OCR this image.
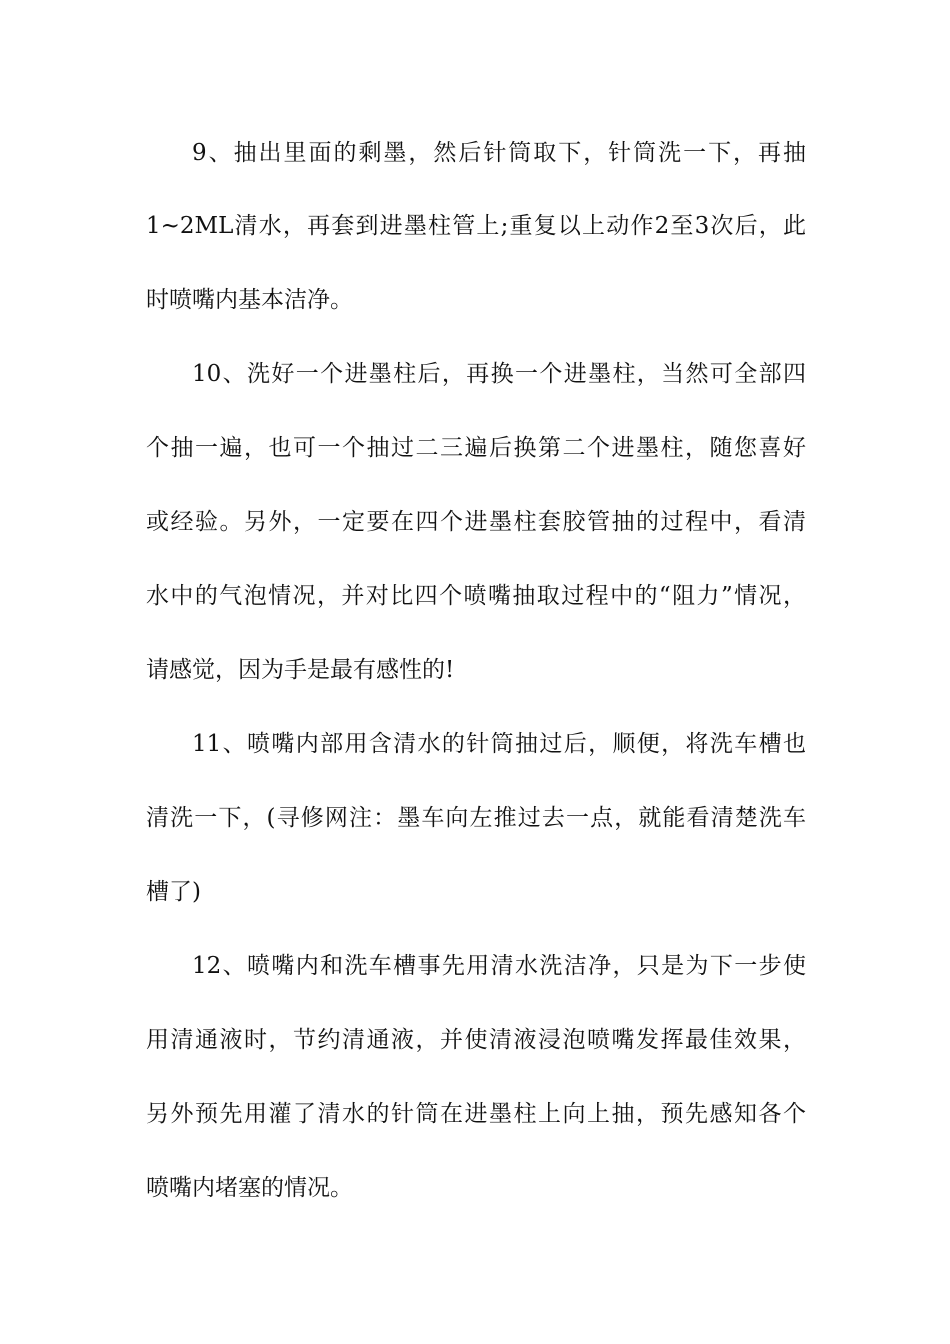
9、抽出里面的剩墨，然后针筒取下，针筒洗一下，再抽
1~2ML清水，再套到进墨柱管上;重复以上动作2至3次后，此
时喷嘴内基本洁净。
10、洗好一个进墨柱后，再换一个进墨柱，当然可全部四
个抽一遍，也可一个抽过二三遍后换第二个进墨柱，随您喜好
或经验。另外，一定要在四个进墨柱套胶管抽的过程中，看清
水中的气泡情况，并对比四个喷嘴抽取过程中的“阻力”情况，
请感觉，因为手是最有感性的!
11、喷嘴内部用含清水的针筒抽过后，顺便，将洗车槽也
清洗一下，(寻修网注：墨车向左推过去一点，就能看清楚洗车
槽了)
12、喷嘴内和洗车槽事先用清水洗洁净，只是为下一步使
用清通液时，节约清通液，并使清液浸泡喷嘴发挥最佳效果，
另外预先用灌了清水的针筒在进墨柱上向上抽，预先感知各个
喷嘴内堵塞的情况。
